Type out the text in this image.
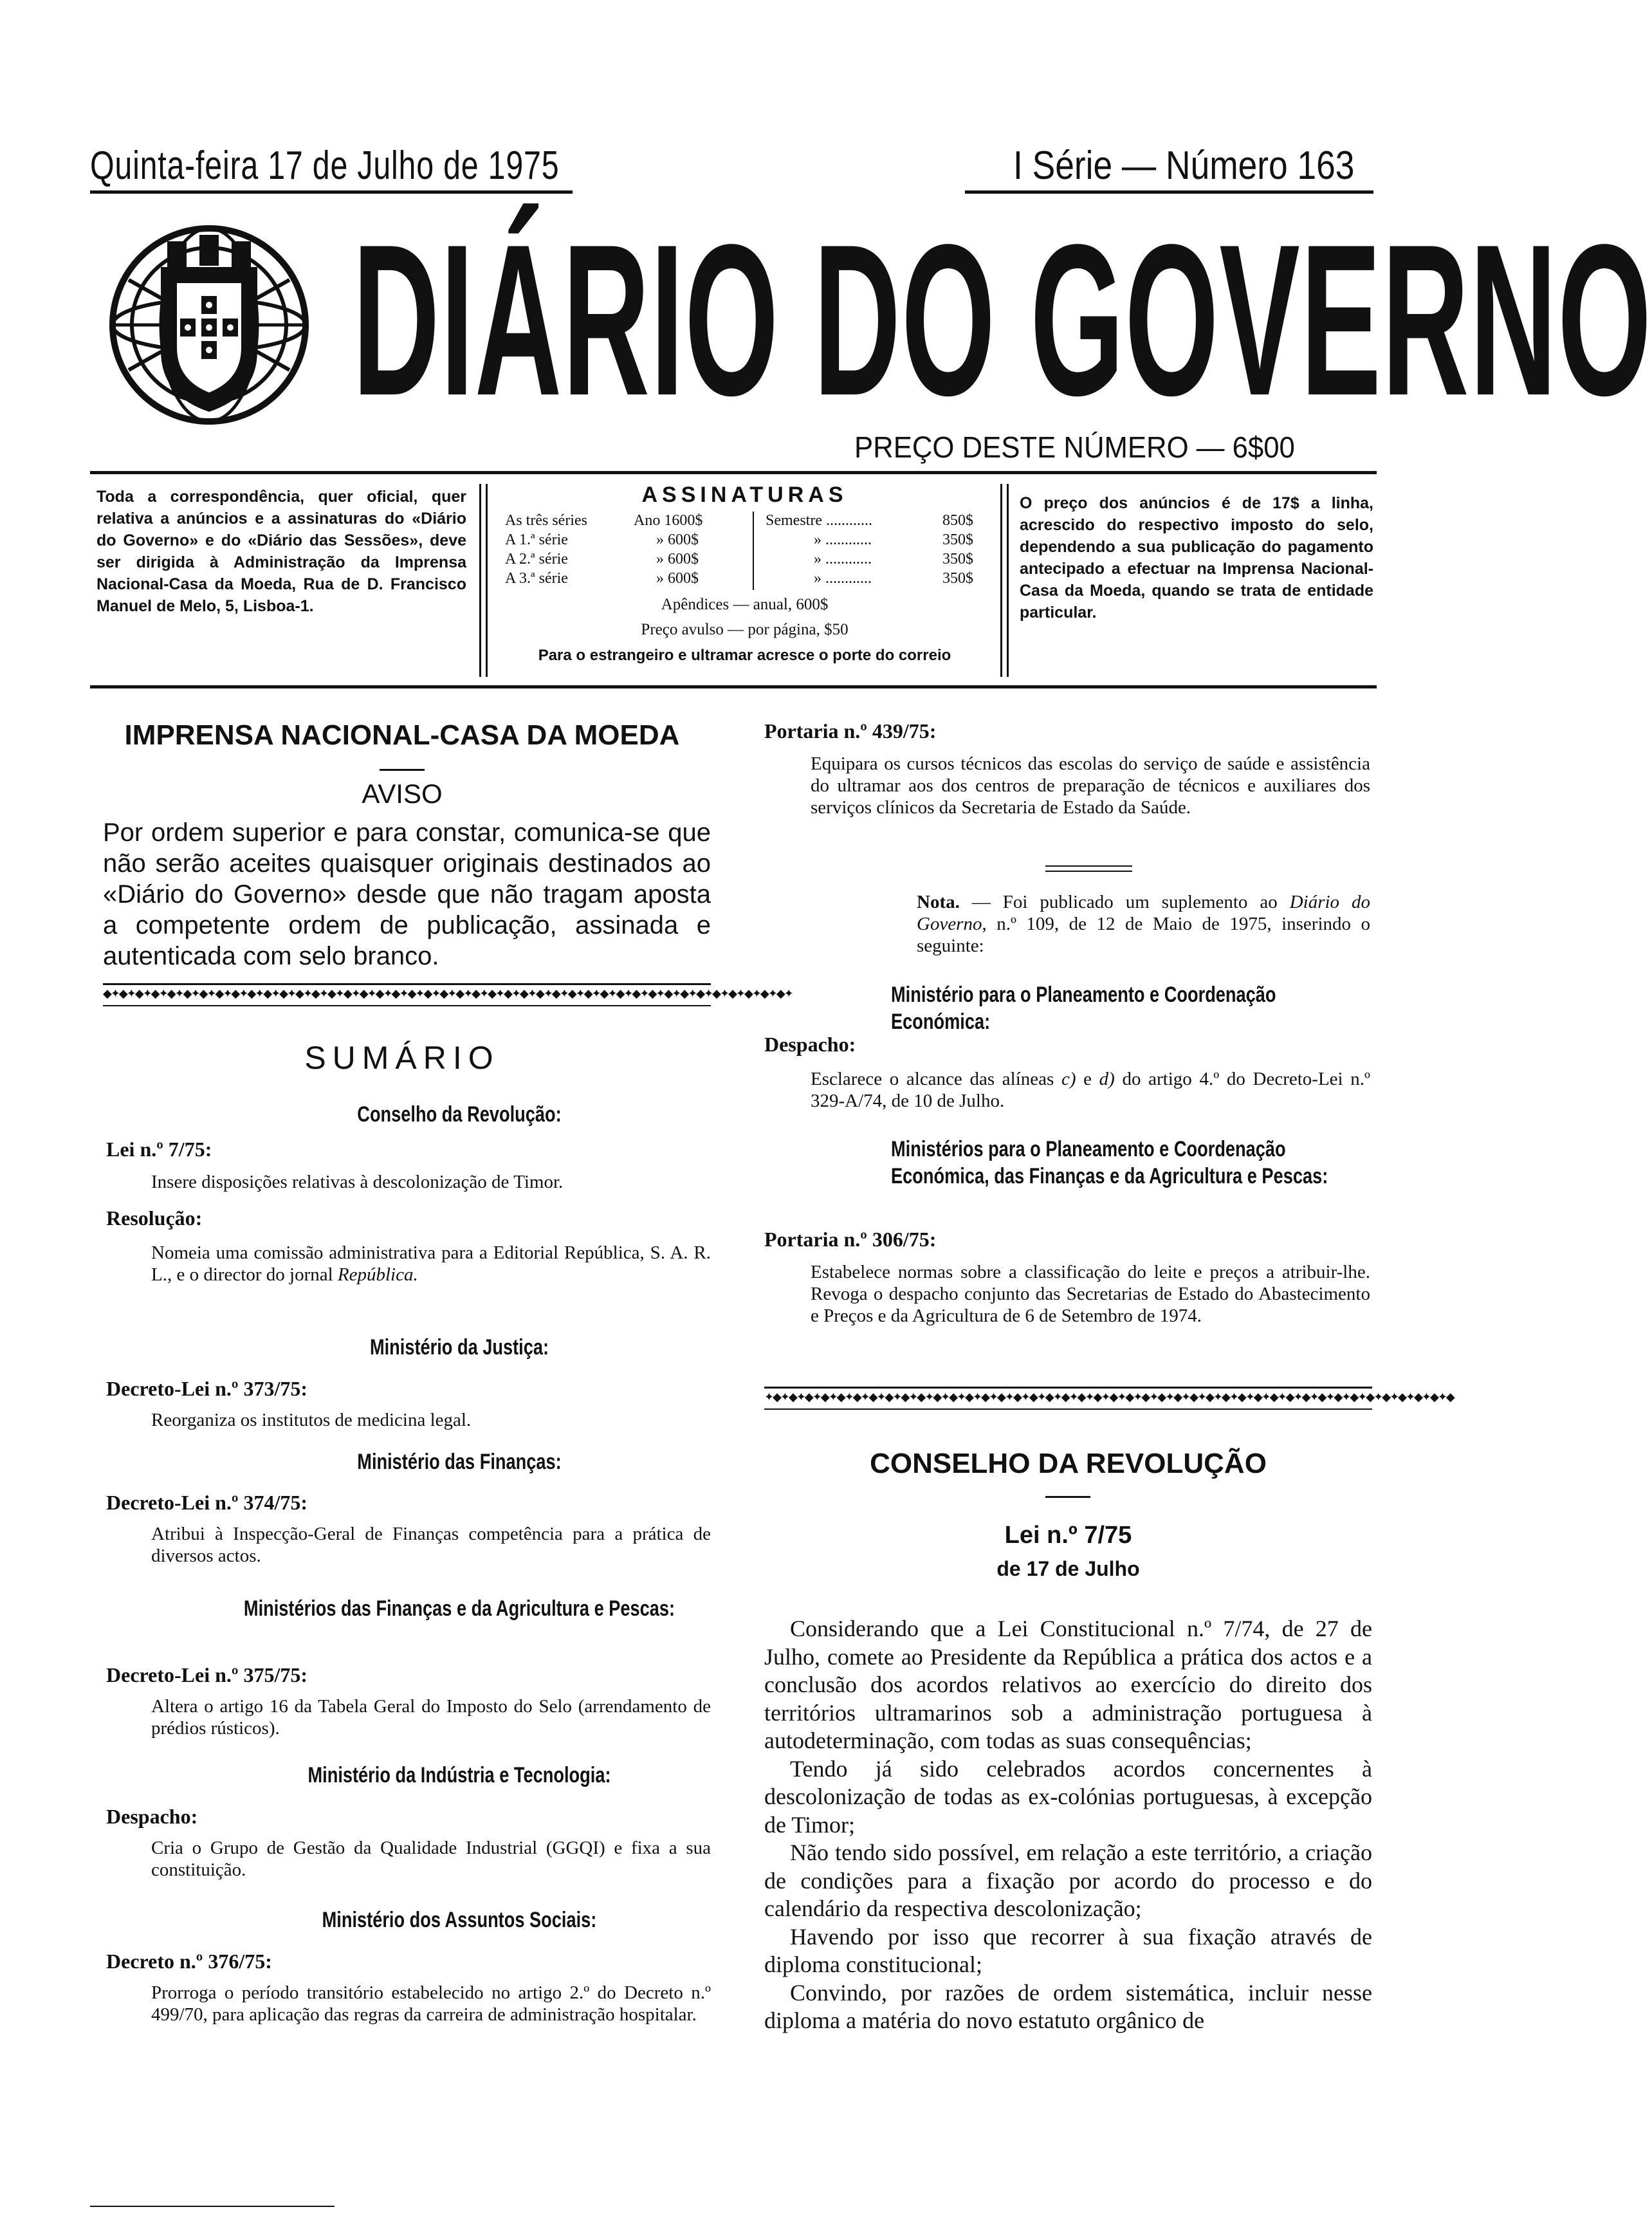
Quinta-feira 17 de Julho de 1975	I Série — Número 163
DIÁRIO DO GOVERNO
PREÇO DESTE NÚMERO — 6$00
Toda a correspondência, quer oficial, quer relativa a anúncios e a assinaturas do «Diário do Governo» e do «Diário das Sessões», deve ser dirigida à Administração da Imprensa Nacional-Casa da Moeda, Rua de D. Francisco Manuel de Melo, 5, Lisboa-1.
ASSINATURAS
As três séries	Ano 1600$	Semestre ............	850$
A 1.ª série	» 600$	» ............	350$
A 2.ª série	» 600$	» ............	350$
A 3.ª série	» 600$	» ............	350$
Apêndices — anual, 600$
Preço avulso — por página, $50
Para o estrangeiro e ultramar acresce o porte do correio
O preço dos anúncios é de 17$ a linha, acrescido do respectivo imposto do selo, dependendo a sua publicação do pagamento antecipado a efectuar na Imprensa Nacional-Casa da Moeda, quando se trata de entidade particular.
IMPRENSA NACIONAL-CASA DA MOEDA
AVISO
Por ordem superior e para constar, comunica-se que não serão aceites quaisquer originais destinados ao «Diário do Governo» desde que não tragam aposta a competente ordem de publicação, assinada e autenticada com selo branco.
◆✦◆✦◆✦◆✦◆✦◆✦◆✦◆✦◆✦◆✦◆✦◆✦◆✦◆✦◆✦◆✦◆✦◆✦◆✦◆✦◆✦◆✦◆✦◆✦◆✦◆✦◆✦◆✦◆✦◆✦◆✦◆✦◆✦◆✦◆✦◆✦◆✦◆✦◆✦◆✦◆✦◆✦◆✦
SUMÁRIO
Conselho da Revolução:
Lei n.º 7/75:
Insere disposições relativas à descolonização de Timor.
Resolução:
Nomeia uma comissão administrativa para a Editorial República, S. A. R. L., e o director do jornal República.
Ministério da Justiça:
Decreto-Lei n.º 373/75:
Reorganiza os institutos de medicina legal.
Ministério das Finanças:
Decreto-Lei n.º 374/75:
Atribui à Inspecção-Geral de Finanças competência para a prática de diversos actos.
Ministérios das Finanças e da Agricultura e Pescas:
Decreto-Lei n.º 375/75:
Altera o artigo 16 da Tabela Geral do Imposto do Selo (arrendamento de prédios rústicos).
Ministério da Indústria e Tecnologia:
Despacho:
Cria o Grupo de Gestão da Qualidade Industrial (GGQI) e fixa a sua constituição.
Ministério dos Assuntos Sociais:
Decreto n.º 376/75:
Prorroga o período transitório estabelecido no artigo 2.º do Decreto n.º 499/70, para aplicação das regras da carreira de administração hospitalar.
Portaria n.º 439/75:
Equipara os cursos técnicos das escolas do serviço de saúde e assistência do ultramar aos dos centros de preparação de técnicos e auxiliares dos serviços clínicos da Secretaria de Estado da Saúde.
Nota. — Foi publicado um suplemento ao Diário do Governo, n.º 109, de 12 de Maio de 1975, inserindo o seguinte:
Ministério para o Planeamento e Coordenação Económica:
Despacho:
Esclarece o alcance das alíneas c) e d) do artigo 4.º do Decreto-Lei n.º 329-A/74, de 10 de Julho.
Ministérios para o Planeamento e Coordenação Económica, das Finanças e da Agricultura e Pescas:
Portaria n.º 306/75:
Estabelece normas sobre a classificação do leite e preços a atribuir-lhe. Revoga o despacho conjunto das Secretarias de Estado do Abastecimento e Preços e da Agricultura de 6 de Setembro de 1974.
✦◆✦◆✦◆✦◆✦◆✦◆✦◆✦◆✦◆✦◆✦◆✦◆✦◆✦◆✦◆✦◆✦◆✦◆✦◆✦◆✦◆✦◆✦◆✦◆✦◆✦◆✦◆✦◆✦◆✦◆✦◆✦◆✦◆✦◆✦◆✦◆✦◆✦◆✦◆✦◆✦◆✦◆✦◆
CONSELHO DA REVOLUÇÃO
Lei n.º 7/75
de 17 de Julho

Considerando que a Lei Constitucional n.º 7/74, de 27 de Julho, comete ao Presidente da República a prática dos actos e a conclusão dos acordos relativos ao exercício do direito dos territórios ultramarinos sob a administração portuguesa à autodeterminação, com todas as suas consequências;

Tendo já sido celebrados acordos concernentes à descolonização de todas as ex-colónias portuguesas, à excepção de Timor;

Não tendo sido possível, em relação a este território, a criação de condições para a fixação por acordo do processo e do calendário da respectiva descolonização;

Havendo por isso que recorrer à sua fixação através de diploma constitucional;

Convindo, por razões de ordem sistemática, incluir nesse diploma a matéria do novo estatuto orgânico de
